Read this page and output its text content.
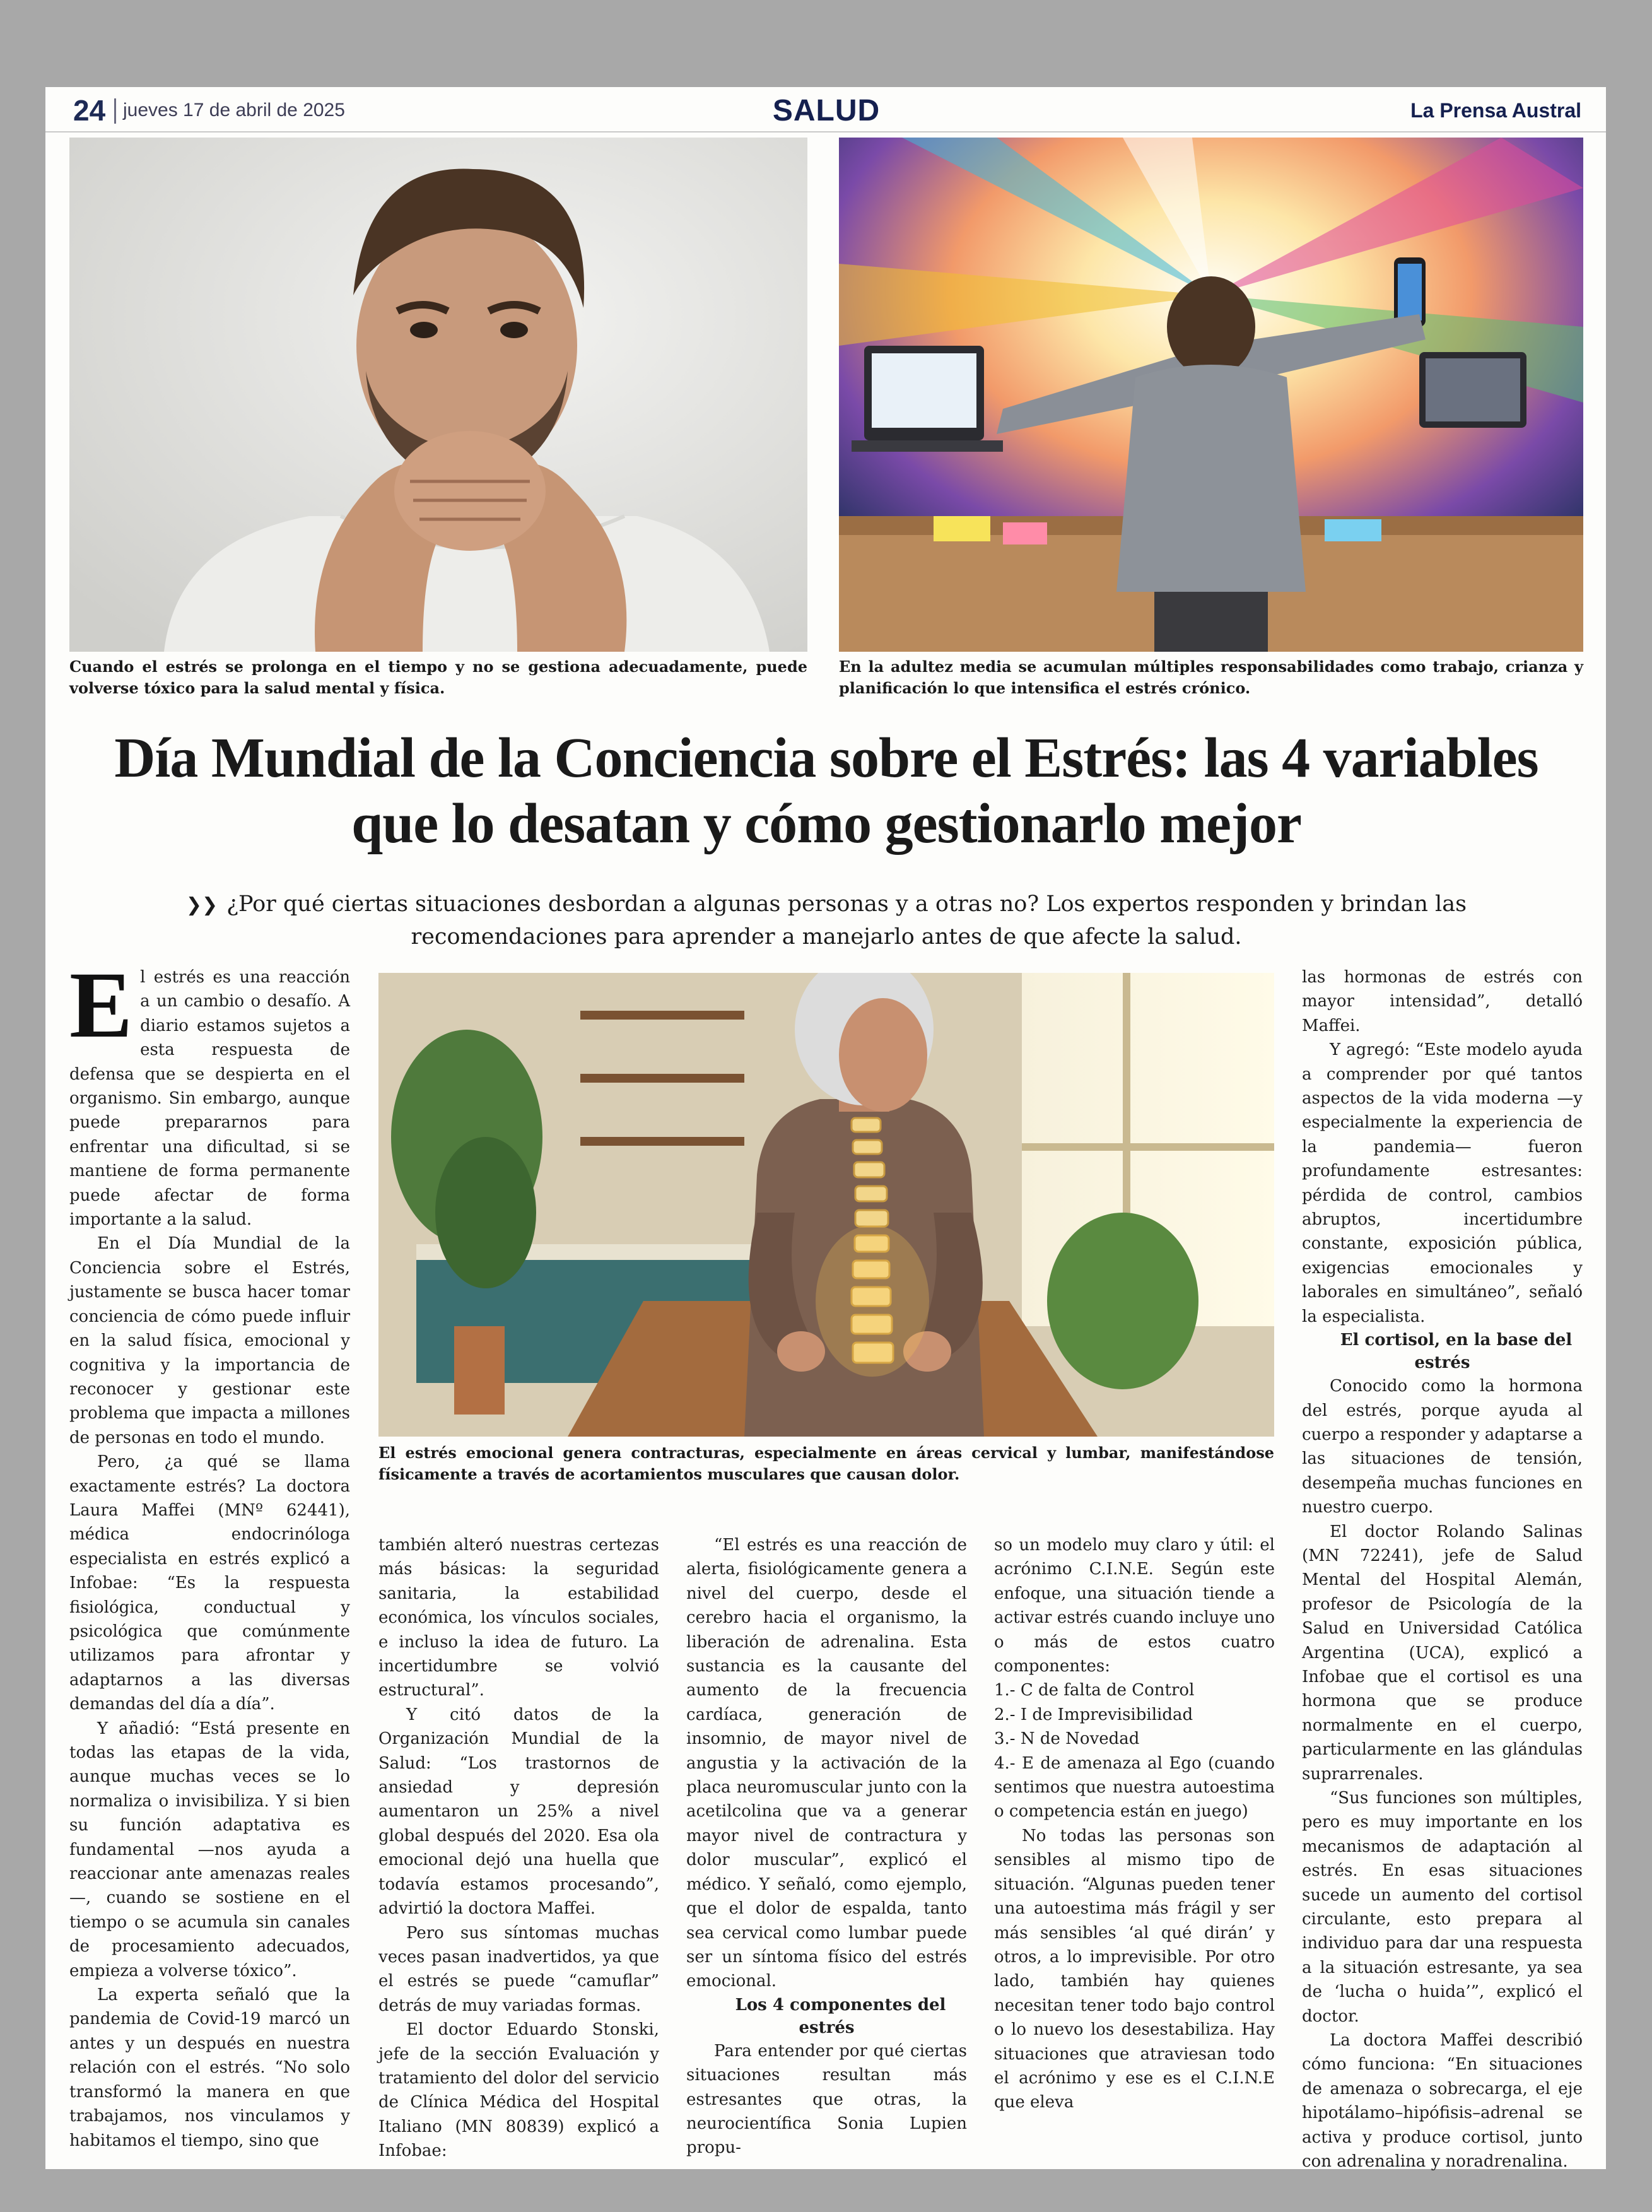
24 jueves 17 de abril de 2025	SALUD	La Prensa Austral

Cuando el estrés se prolonga en el tiempo y no se gestiona adecuadamente, puede volverse tóxico para la salud mental y física.

En la adultez media se acumulan múltiples responsabilidades como trabajo, crianza y planificación lo que intensifica el estrés crónico.

Día Mundial de la Conciencia sobre el Estrés: las 4 variables que lo desatan y cómo gestionarlo mejor

❯❯ ¿Por qué ciertas situaciones desbordan a algunas personas y a otras no? Los expertos responden y brindan las recomendaciones para aprender a manejarlo antes de que afecte la salud.

El estrés emocional genera contracturas, especialmente en áreas cervical y lumbar, manifestándose físicamente a través de acortamientos musculares que causan dolor.

El estrés es una reacción a un cambio o desafío. A diario estamos sujetos a esta respuesta de defensa que se despierta en el organismo. Sin embargo, aunque puede prepararnos para enfrentar una dificultad, si se mantiene de forma permanente puede afectar de forma importante a la salud.

En el Día Mundial de la Conciencia sobre el Estrés, justamente se busca hacer tomar conciencia de cómo puede influir en la salud física, emocional y cognitiva y la importancia de reconocer y gestionar este problema que impacta a millones de personas en todo el mundo.

Pero, ¿a qué se llama exactamente estrés? La doctora Laura Maffei (MNº 62441), médica endocrinóloga especialista en estrés explicó a Infobae: “Es la respuesta fisiológica, conductual y psicológica que comúnmente utilizamos para afrontar y adaptarnos a las diversas demandas del día a día”.

Y añadió: “Está presente en todas las etapas de la vida, aunque muchas veces se lo normaliza o invisibiliza. Y si bien su función adaptativa es fundamental —nos ayuda a reaccionar ante amenazas reales—, cuando se sostiene en el tiempo o se acumula sin canales de procesamiento adecuados, empieza a volverse tóxico”.

La experta señaló que la pandemia de Covid-19 marcó un antes y un después en nuestra relación con el estrés. “No solo transformó la manera en que trabajamos, nos vinculamos y habitamos el tiempo, sino que

también alteró nuestras certezas más básicas: la seguridad sanitaria, la estabilidad económica, los vínculos sociales, e incluso la idea de futuro. La incertidumbre se volvió estructural”.

Y citó datos de la Organización Mundial de la Salud: “Los trastornos de ansiedad y depresión aumentaron un 25% a nivel global después del 2020. Esa ola emocional dejó una huella que todavía estamos procesando”, advirtió la doctora Maffei.

Pero sus síntomas muchas veces pasan inadvertidos, ya que el estrés se puede “camuflar” detrás de muy variadas formas.

El doctor Eduardo Stonski, jefe de la sección Evaluación y tratamiento del dolor del servicio de Clínica Médica del Hospital Italiano (MN 80839) explicó a Infobae:

“El estrés es una reacción de alerta, fisiológicamente genera a nivel del cuerpo, desde el cerebro hacia el organismo, la liberación de adrenalina. Esta sustancia es la causante del aumento de la frecuencia cardíaca, generación de insomnio, de mayor nivel de angustia y la activación de la placa neuromuscular junto con la acetilcolina que va a generar mayor nivel de contractura y dolor muscular”, explicó el médico. Y señaló, como ejemplo, que el dolor de espalda, tanto sea cervical como lumbar puede ser un síntoma físico del estrés emocional.

Los 4 componentes del estrés

Para entender por qué ciertas situaciones resultan más estresantes que otras, la neurocientífica Sonia Lupien propu-

so un modelo muy claro y útil: el acrónimo C.I.N.E. Según este enfoque, una situación tiende a activar estrés cuando incluye uno o más de estos cuatro componentes:

1.- C de falta de Control

2.- I de Imprevisibilidad

3.- N de Novedad

4.- E de amenaza al Ego (cuando sentimos que nuestra autoestima o competencia están en juego)

No todas las personas son sensibles al mismo tipo de situación. “Algunas pueden tener una autoestima más frágil y ser más sensibles ‘al qué dirán’ y otros, a lo imprevisible. Por otro lado, también hay quienes necesitan tener todo bajo control o lo nuevo los desestabiliza. Hay situaciones que atraviesan todo el acrónimo y ese es el C.I.N.E que eleva

las hormonas de estrés con mayor intensidad”, detalló Maffei.

Y agregó: “Este modelo ayuda a comprender por qué tantos aspectos de la vida moderna —y especialmente la experiencia de la pandemia— fueron profundamente estresantes: pérdida de control, cambios abruptos, incertidumbre constante, exposición pública, exigencias emocionales y laborales en simultáneo”, señaló la especialista.

El cortisol, en la base del estrés

Conocido como la hormona del estrés, porque ayuda al cuerpo a responder y adaptarse a las situaciones de tensión, desempeña muchas funciones en nuestro cuerpo.

El doctor Rolando Salinas (MN 72241), jefe de Salud Mental del Hospital Alemán, profesor de Psicología de la Salud en Universidad Católica Argentina (UCA), explicó a Infobae que el cortisol es una hormona que se produce normalmente en el cuerpo, particularmente en las glándulas suprarrenales.

“Sus funciones son múltiples, pero es muy importante en los mecanismos de adaptación al estrés. En esas situaciones sucede un aumento del cortisol circulante, esto prepara al individuo para dar una respuesta a la situación estresante, ya sea de ‘lucha o huida’”, explicó el doctor.

La doctora Maffei describió cómo funciona: “En situaciones de amenaza o sobrecarga, el eje hipotálamo–hipófisis–adrenal se activa y produce cortisol, junto con adrenalina y noradrenalina.
